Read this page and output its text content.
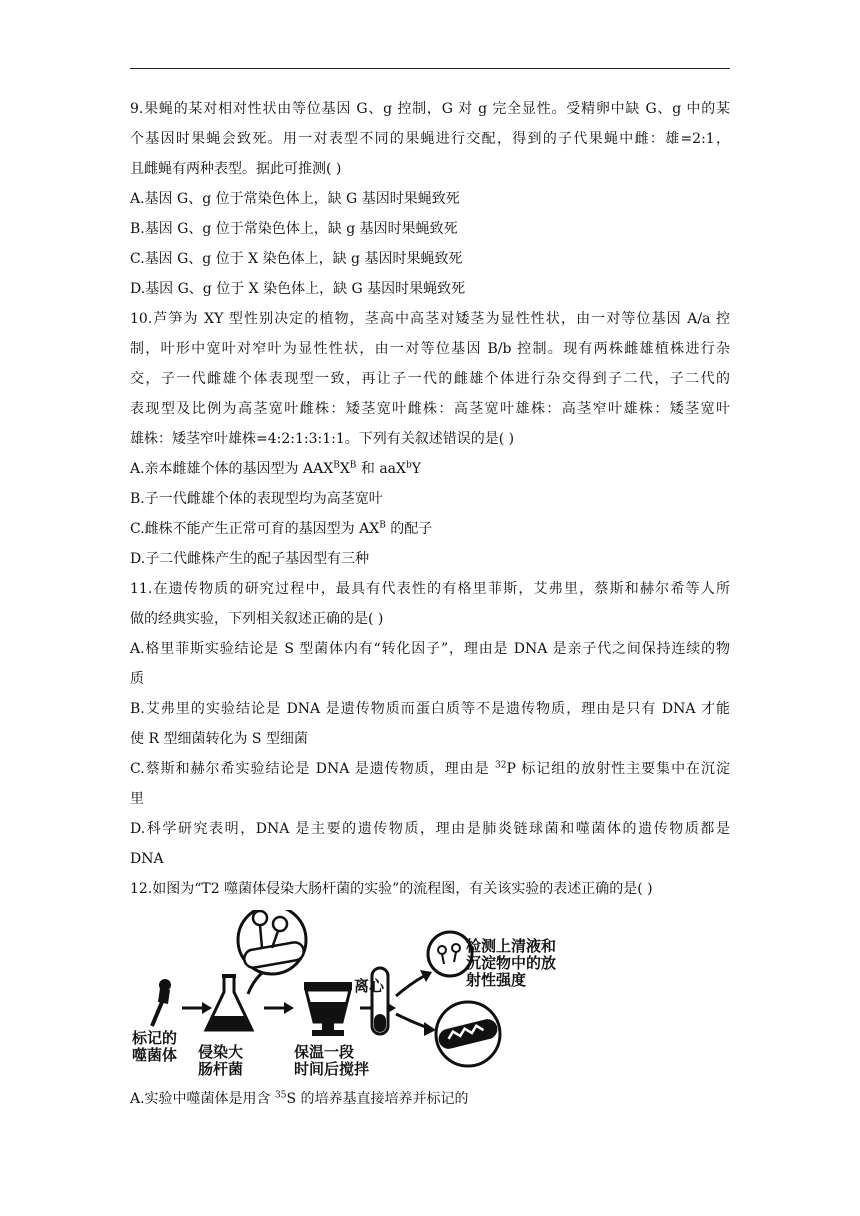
9.果蝇的某对相对性状由等位基因 G、g 控制，G 对 g 完全显性。受精卵中缺 G、g 中的某
个基因时果蝇会致死。用一对表型不同的果蝇进行交配，得到的子代果蝇中雌：雄=2:1，
且雌蝇有两种表型。据此可推测( )
A.基因 G、g 位于常染色体上，缺 G 基因时果蝇致死
B.基因 G、g 位于常染色体上，缺 g 基因时果蝇致死
C.基因 G、g 位于 X 染色体上，缺 g 基因时果蝇致死
D.基因 G、g 位于 X 染色体上，缺 G 基因时果蝇致死
10.芦笋为 XY 型性别决定的植物，茎高中高茎对矮茎为显性性状，由一对等位基因 A/a 控
制，叶形中宽叶对窄叶为显性性状，由一对等位基因 B/b 控制。现有两株雌雄植株进行杂
交，子一代雌雄个体表现型一致，再让子一代的雌雄个体进行杂交得到子二代，子二代的
表现型及比例为高茎宽叶雌株：矮茎宽叶雌株：高茎宽叶雄株：高茎窄叶雄株：矮茎宽叶
雄株：矮茎窄叶雄株=4:2:1:3:1:1。下列有关叙述错误的是( )
A.亲本雌雄个体的基因型为 $AAX^BX^B$ 和 aaX$^b$Y
B.子一代雌雄个体的表现型均为高茎宽叶
C.雌株不能产生正常可育的基因型为 $AX^B$ 的配子
D.子二代雌株产生的配子基因型有三种
11.在遗传物质的研究过程中，最具有代表性的有格里菲斯，艾弗里，蔡斯和赫尔希等人所
做的经典实验，下列相关叙述正确的是( )
A.格里菲斯实验结论是 S 型菌体内有“转化因子”，理由是 DNA 是亲子代之间保持连续的物
质
B.艾弗里的实验结论是 DNA 是遗传物质而蛋白质等不是遗传物质，理由是只有 DNA 才能
使 R 型细菌转化为 S 型细菌
C.蔡斯和赫尔希实验结论是 DNA 是遗传物质，理由是 $^{32}$P 标记组的放射性主要集中在沉淀
里
D.科学研究表明，DNA 是主要的遗传物质，理由是肺炎链球菌和噬菌体的遗传物质都是
DNA
12.如图为“T2 噬菌体侵染大肠杆菌的实验”的流程图，有关该实验的表述正确的是( )
标记的
噬菌体 侵染大
肠杆菌
保温一段
时间后搅拌
离心
检测上清液和
沉淀物中的放
射性强度
A.实验中噬菌体是用含 $^{35}$S 的培养基直接培养并标记的
